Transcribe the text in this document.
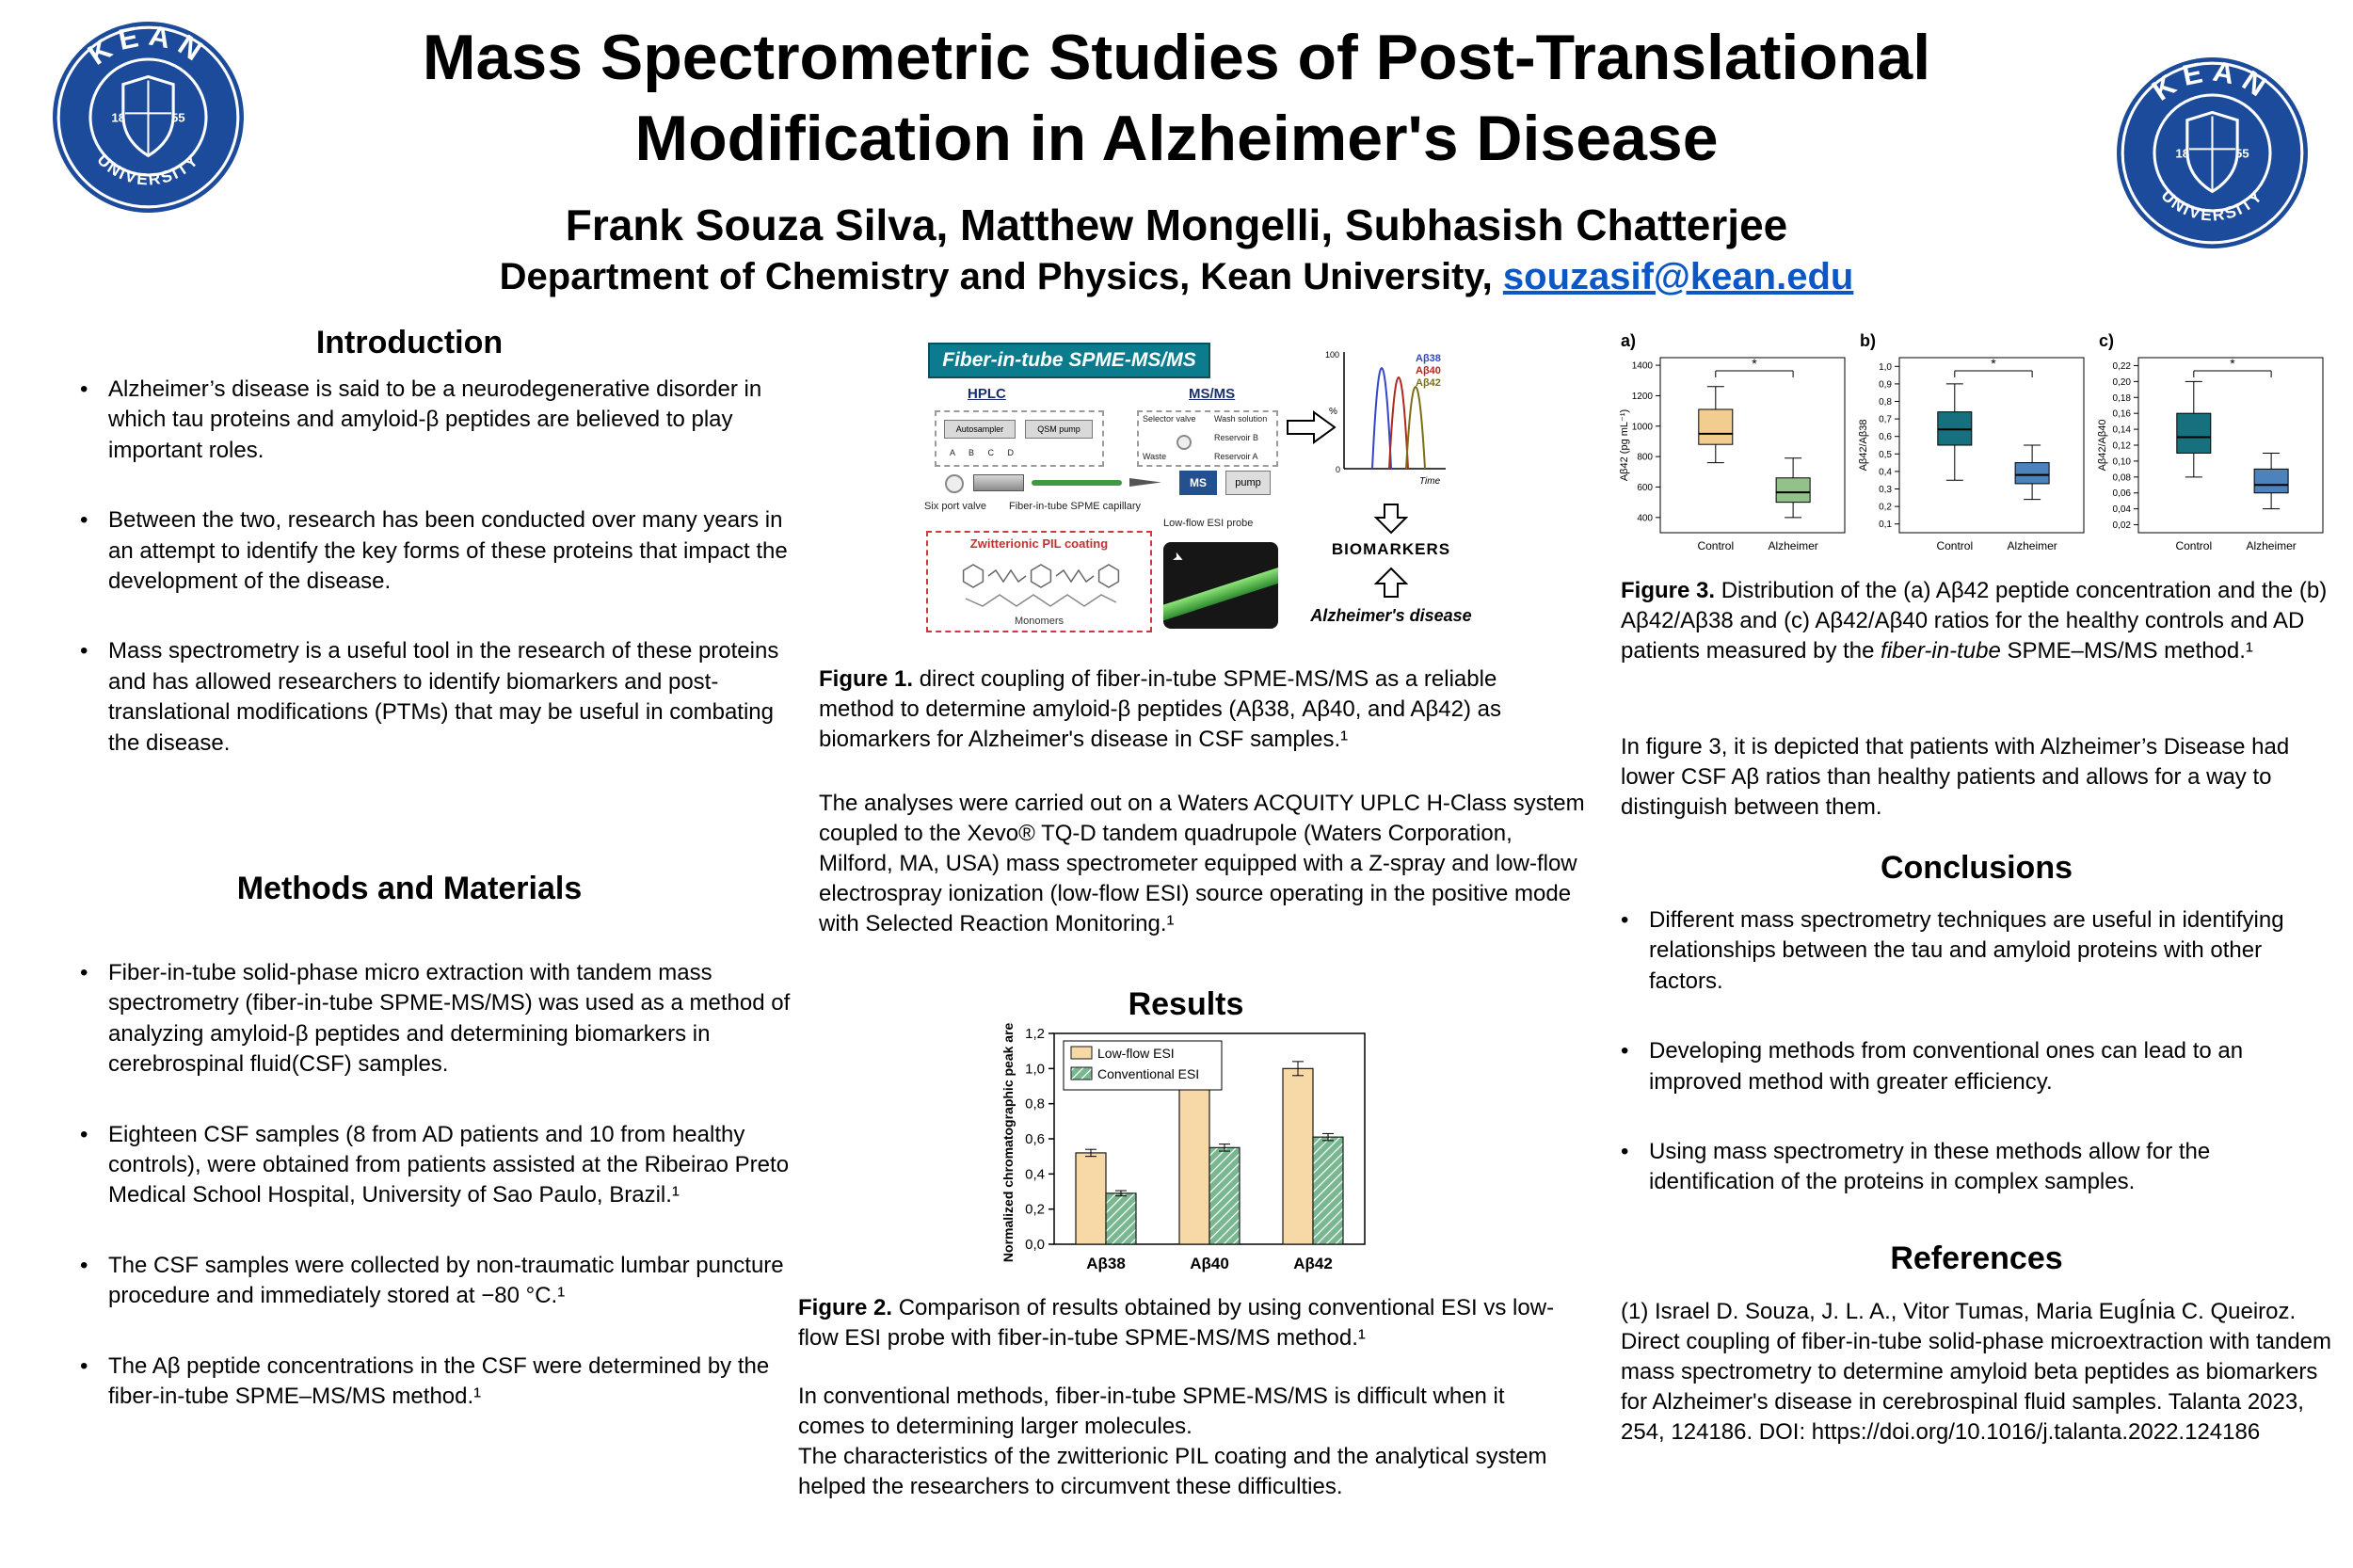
KEAN
UNIVERSITY
18	55
KEAN
UNIVERSITY
18	55
Mass Spectrometric Studies of Post-Translational
Modification in Alzheimer's Disease
Frank Souza Silva, Matthew Mongelli, Subhasish Chatterjee
Department of Chemistry and Physics, Kean University, souzasif@kean.edu
Introduction
• Alzheimer’s disease is said to be a neurodegenerative disorder in which tau proteins and amyloid-β peptides are believed to play important roles.
• Between the two, research has been conducted over many years in an attempt to identify the key forms of these proteins that impact the development of the disease.
• Mass spectrometry is a useful tool in the research of these proteins and has allowed researchers to identify biomarkers and post-translational modifications (PTMs) that may be useful in combating the disease.
Methods and Materials
• Fiber-in-tube solid-phase micro extraction with tandem mass spectrometry (fiber-in-tube SPME-MS/MS) was used as a method of analyzing amyloid-β peptides and determining biomarkers in cerebrospinal fluid(CSF) samples.
• Eighteen CSF samples (8 from AD patients and 10 from healthy controls), were obtained from patients assisted at the Ribeirao Preto Medical School Hospital, University of Sao Paulo, Brazil.¹
• The CSF samples were collected by non-traumatic lumbar puncture procedure and immediately stored at −80 °C.¹
• The Aβ peptide concentrations in the CSF were determined by the fiber-in-tube SPME–MS/MS method.¹
Fiber-in-tube SPME-MS/MS
HPLC	MS/MS
Autosampler	QSM pump
A B C D
Selector valve
Waste
Wash solution
Reservoir B
Reservoir A
MS	pump
Six port valve Fiber-in-tube SPME capillary
Low-flow ESI probe
Zwitterionic PIL coating
Monomers
➤
100
%
0
Time
Aβ38
Aβ40
Aβ42
BIOMARKERS
Alzheimer's disease
Figure 1. direct coupling of fiber-in-tube SPME-MS/MS as a reliable method to determine amyloid-β peptides (Aβ38, Aβ40, and Aβ42) as biomarkers for Alzheimer's disease in CSF samples.¹
The analyses were carried out on a Waters ACQUITY UPLC H-Class system coupled to the Xevo® TQ-D tandem quadrupole (Waters Corporation, Milford, MA, USA) mass spectrometer equipped with a Z-spray and low-flow electrospray ionization (low-flow ESI) source operating in the positive mode with Selected Reaction Monitoring.¹
Results
0,0
0,2
0,4
0,6
0,8
1,0
1,2
Normalized chromatographic peak area
Aβ38	Aβ40	Aβ42
Low-flow ESI
Conventional ESI
Figure 2. Comparison of results obtained by using conventional ESI vs low-flow ESI probe with fiber-in-tube SPME-MS/MS method.¹
In conventional methods, fiber-in-tube SPME-MS/MS is difficult when it comes to determining larger molecules.
The characteristics of the zwitterionic PIL coating and the analytical system helped the researchers to circumvent these difficulties.
a)
400
600
800
1000
1200
1400
Aβ42 (pg mL⁻¹)
Control	Alzheimer
*
b)
0,1
0,2
0,3
0,4
0,5
0,6
0,7
0,8
0,9
1,0
Aβ42/Aβ38
Control	Alzheimer
*
c)
0,02
0,04
0,06
0,08
0,10
0,12
0,14
0,16
0,18
0,20
0,22
Aβ42/Aβ40
Control	Alzheimer
*
Figure 3. Distribution of the (a) Aβ42 peptide concentration and the (b) Aβ42/Aβ38 and (c) Aβ42/Aβ40 ratios for the healthy controls and AD patients measured by the fiber-in-tube SPME–MS/MS method.¹
In figure 3, it is depicted that patients with Alzheimer’s Disease had lower CSF Aβ ratios than healthy patients and allows for a way to distinguish between them.
Conclusions
• Different mass spectrometry techniques are useful in identifying relationships between the tau and amyloid proteins with other factors.
• Developing methods from conventional ones can lead to an improved method with greater efficiency.
• Using mass spectrometry in these methods allow for the identification of the proteins in complex samples.
References
(1) Israel D. Souza, J. L. A., Vitor Tumas, Maria EugÍnia C. Queiroz. Direct coupling of fiber-in-tube solid-phase microextraction with tandem mass spectrometry to determine amyloid beta peptides as biomarkers for Alzheimer's disease in cerebrospinal fluid samples. Talanta 2023, 254, 124186. DOI: https://doi.org/10.1016/j.talanta.2022.124186
